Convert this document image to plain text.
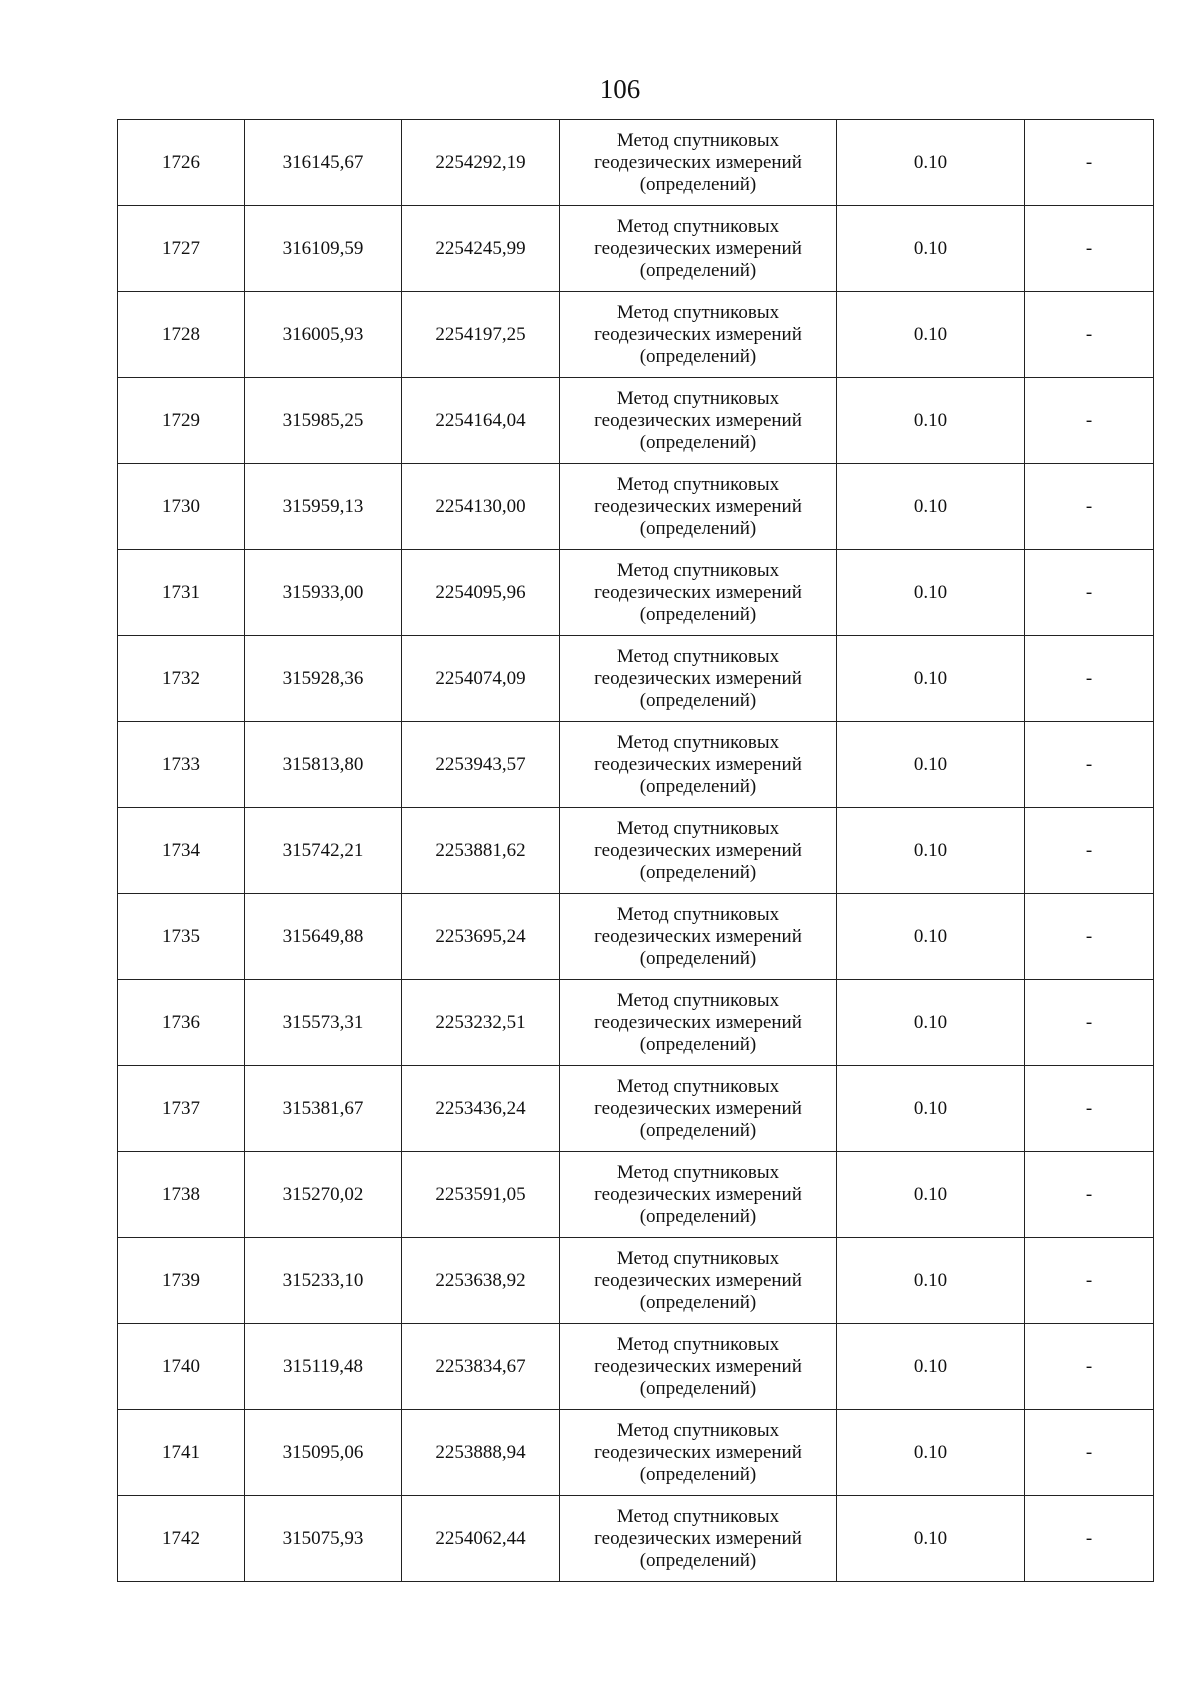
106
1726	316145,67	2254292,19	Метод спутниковых геодезических измерений (определений)	0.10	-
1727	316109,59	2254245,99	Метод спутниковых геодезических измерений (определений)	0.10	-
1728	316005,93	2254197,25	Метод спутниковых геодезических измерений (определений)	0.10	-
1729	315985,25	2254164,04	Метод спутниковых геодезических измерений (определений)	0.10	-
1730	315959,13	2254130,00	Метод спутниковых геодезических измерений (определений)	0.10	-
1731	315933,00	2254095,96	Метод спутниковых геодезических измерений (определений)	0.10	-
1732	315928,36	2254074,09	Метод спутниковых геодезических измерений (определений)	0.10	-
1733	315813,80	2253943,57	Метод спутниковых геодезических измерений (определений)	0.10	-
1734	315742,21	2253881,62	Метод спутниковых геодезических измерений (определений)	0.10	-
1735	315649,88	2253695,24	Метод спутниковых геодезических измерений (определений)	0.10	-
1736	315573,31	2253232,51	Метод спутниковых геодезических измерений (определений)	0.10	-
1737	315381,67	2253436,24	Метод спутниковых геодезических измерений (определений)	0.10	-
1738	315270,02	2253591,05	Метод спутниковых геодезических измерений (определений)	0.10	-
1739	315233,10	2253638,92	Метод спутниковых геодезических измерений (определений)	0.10	-
1740	315119,48	2253834,67	Метод спутниковых геодезических измерений (определений)	0.10	-
1741	315095,06	2253888,94	Метод спутниковых геодезических измерений (определений)	0.10	-
1742	315075,93	2254062,44	Метод спутниковых геодезических измерений (определений)	0.10	-
